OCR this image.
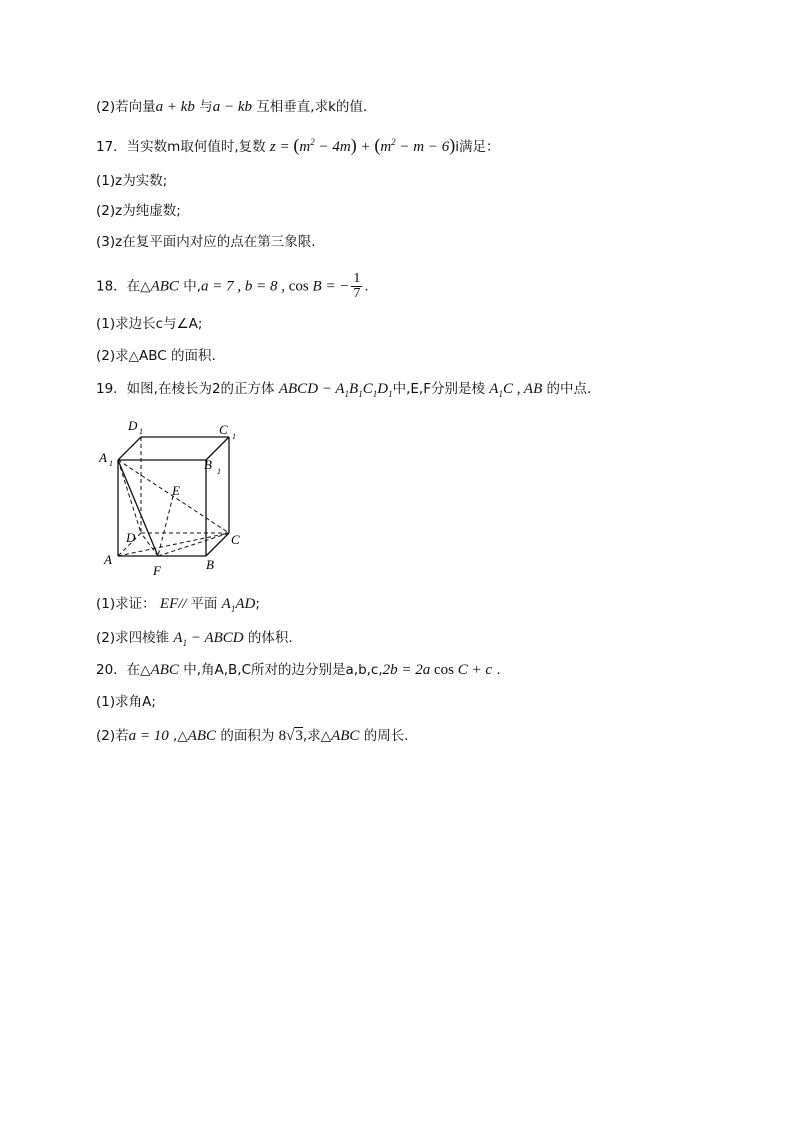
(2)若向量a + kb 与a − kb 互相垂直,求k的值.
17．当实数m取何值时,复数 $z = (m^2 - 4m) + (m^2 - m - 6)i$满足：
(1)z为实数;
(2)z为纯虚数;
(3)z在复平面内对应的点在第三象限.
18．在△ABC 中,a = 7 , b = 8 , cos B = − $\frac{1}{7}$ .
(1)求边长c与∠A;
(2)求△ABC 的面积.
19．如图,在棱长为2的正方体 ABCD − $A_1B_1C_1D_1$中,E,F分别是棱 $A_1C$ , AB 的中点.
D 1	C 1
A 1	B 1
E
D	C
A
F	B
(1)求证： EF// 平面 $A_1AD$;
(2)求四棱锥 $A_1$ − ABCD 的体积.
20．在△ABC 中,角A,B,C所对的边分别是a,b,c,2b = 2a cos C + c .
(1)求角A;
(2)若a = 10 ,△ABC 的面积为 8√3,求△ABC 的周长.
